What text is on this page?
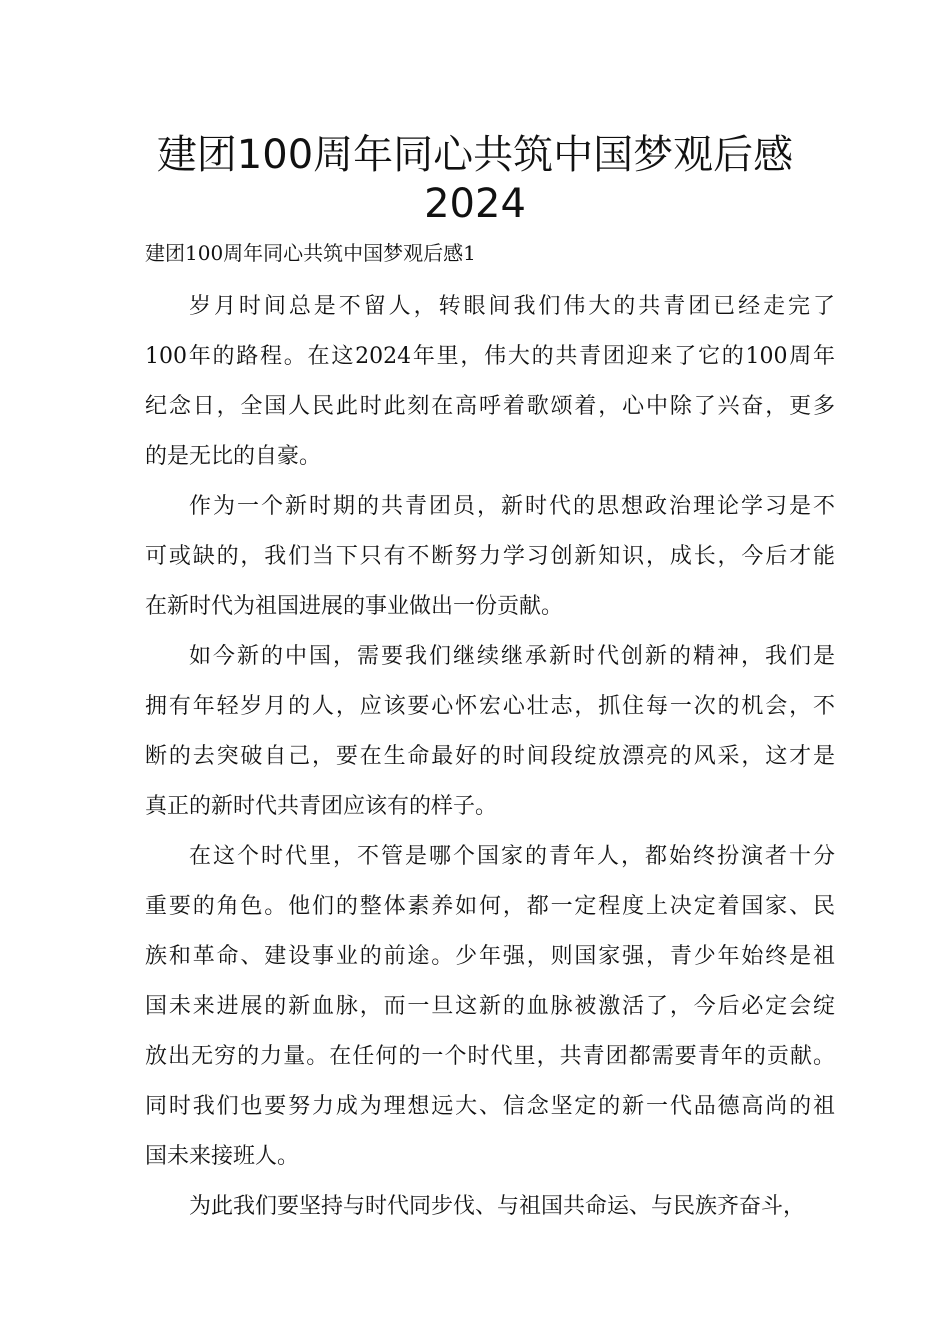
建团100周年同心共筑中国梦观后感
2024
建团100周年同心共筑中国梦观后感1

岁月时间总是不留人，转眼间我们伟大的共青团已经走完了
100年的路程。在这2024年里，伟大的共青团迎来了它的100周年
纪念日，全国人民此时此刻在高呼着歌颂着，心中除了兴奋，更多
的是无比的自豪。

作为一个新时期的共青团员，新时代的思想政治理论学习是不
可或缺的，我们当下只有不断努力学习创新知识，成长，今后才能
在新时代为祖国进展的事业做出一份贡献。

如今新的中国，需要我们继续继承新时代创新的精神，我们是
拥有年轻岁月的人，应该要心怀宏心壮志，抓住每一次的机会，不
断的去突破自己，要在生命最好的时间段绽放漂亮的风采，这才是
真正的新时代共青团应该有的样子。

在这个时代里，不管是哪个国家的青年人，都始终扮演者十分
重要的角色。他们的整体素养如何，都一定程度上决定着国家、民
族和革命、建设事业的前途。少年强，则国家强，青少年始终是祖
国未来进展的新血脉，而一旦这新的血脉被激活了，今后必定会绽
放出无穷的力量。在任何的一个时代里，共青团都需要青年的贡献。
同时我们也要努力成为理想远大、信念坚定的新一代品德高尚的祖
国未来接班人。

为此我们要坚持与时代同步伐、与祖国共命运、与民族齐奋斗，
